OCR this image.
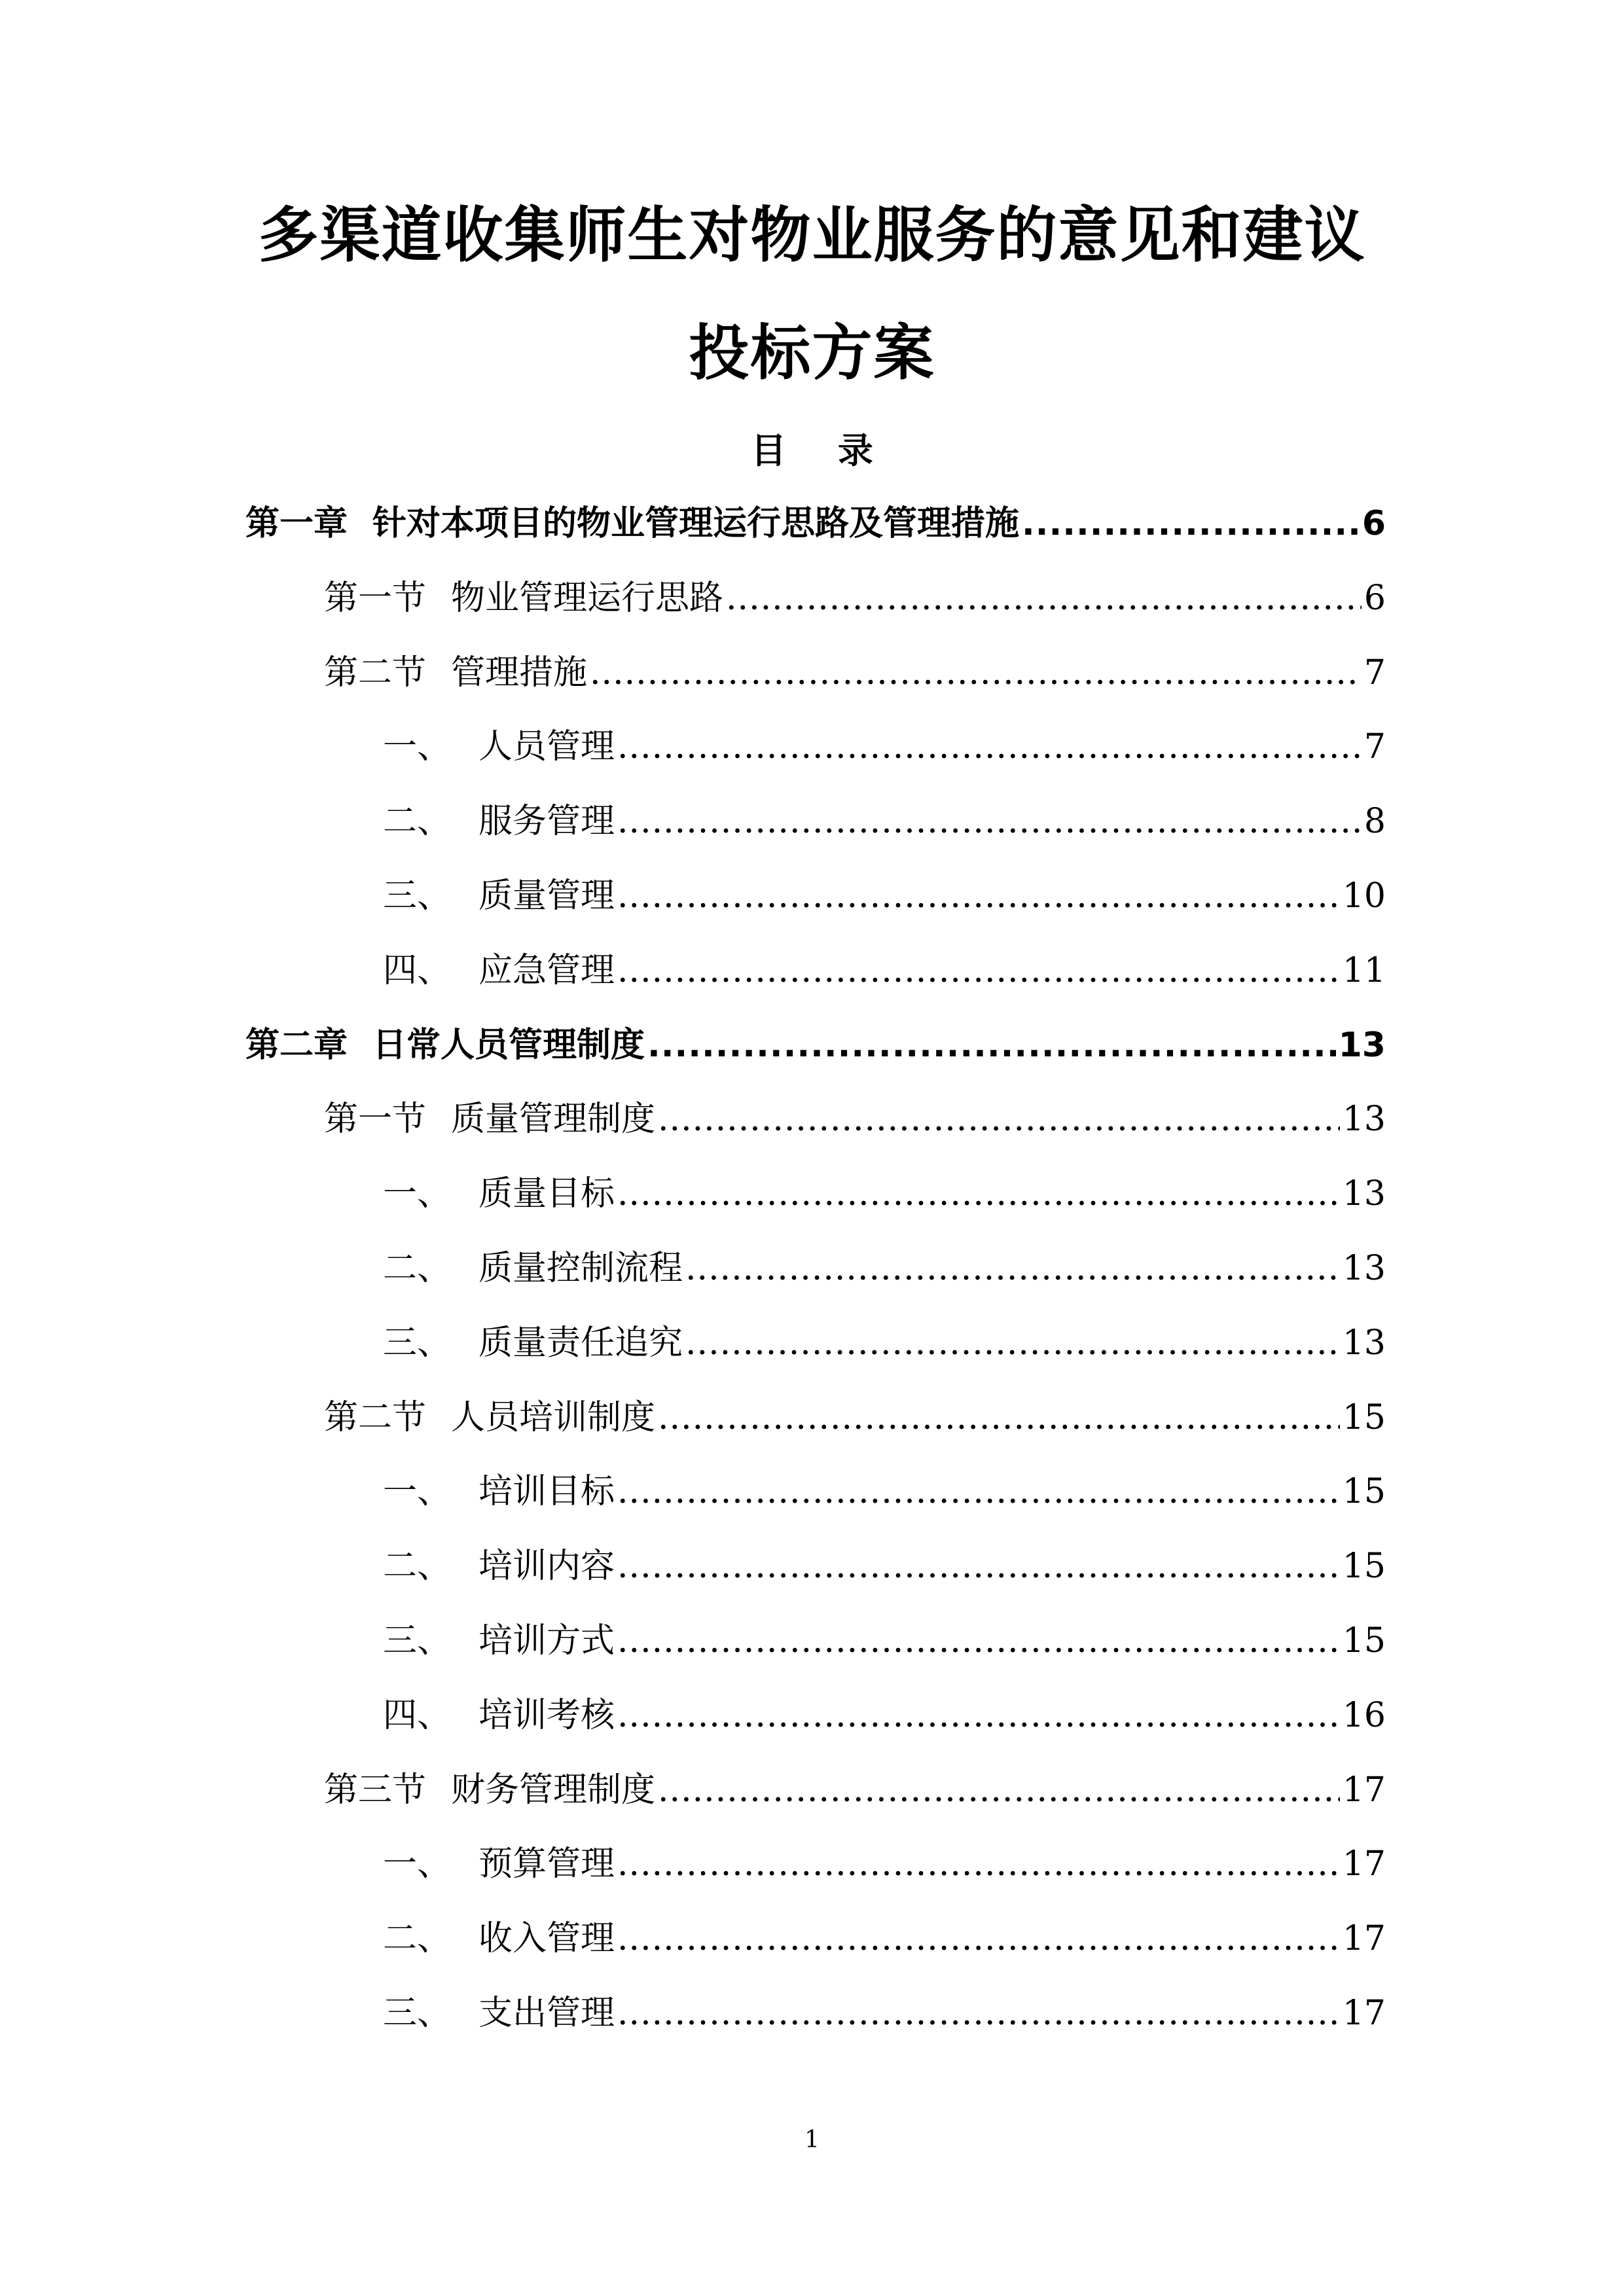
多渠道收集师生对物业服务的意见和建议
投标方案
目 录
第一章 针对本项目的物业管理运行思路及管理措施 .....	6
第一节 物业管理运行思路 .....	6
第二节 管理措施 .....	7
一、 人员管理 .....	7
二、 服务管理 .....	8
三、 质量管理 .....	10
四、 应急管理 .....	11
第二章 日常人员管理制度 .....	13
第一节 质量管理制度 .....	13
一、 质量目标 .....	13
二、 质量控制流程 .....	13
三、 质量责任追究 .....	13
第二节 人员培训制度 .....	15
一、 培训目标 .....	15
二、 培训内容 .....	15
三、 培训方式 .....	15
四、 培训考核 .....	16
第三节 财务管理制度 .....	17
一、 预算管理 .....	17
二、 收入管理 .....	17
三、 支出管理 .....	17
1
